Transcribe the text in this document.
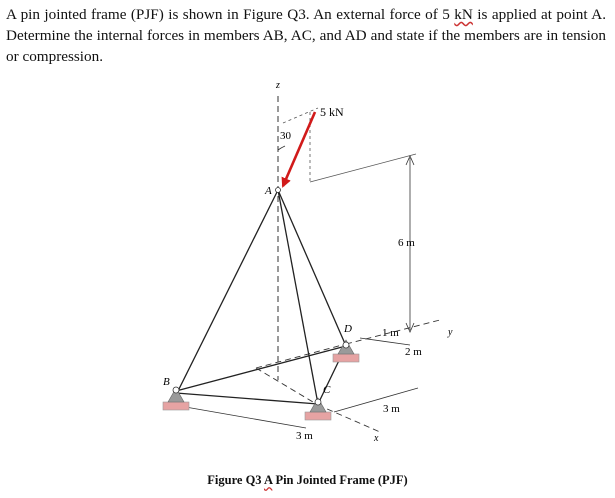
A pin jointed frame (PJF) is shown in Figure Q3. An external force of 5 kN is applied at point A. Determine the internal forces in members AB, AC, and AD and state if the members are in tension or compression.

z
30
5 kN
6 m
y
x
3 m
3 m
2 m
1 m
A
B
C
D
Figure Q3 A Pin Jointed Frame (PJF)
